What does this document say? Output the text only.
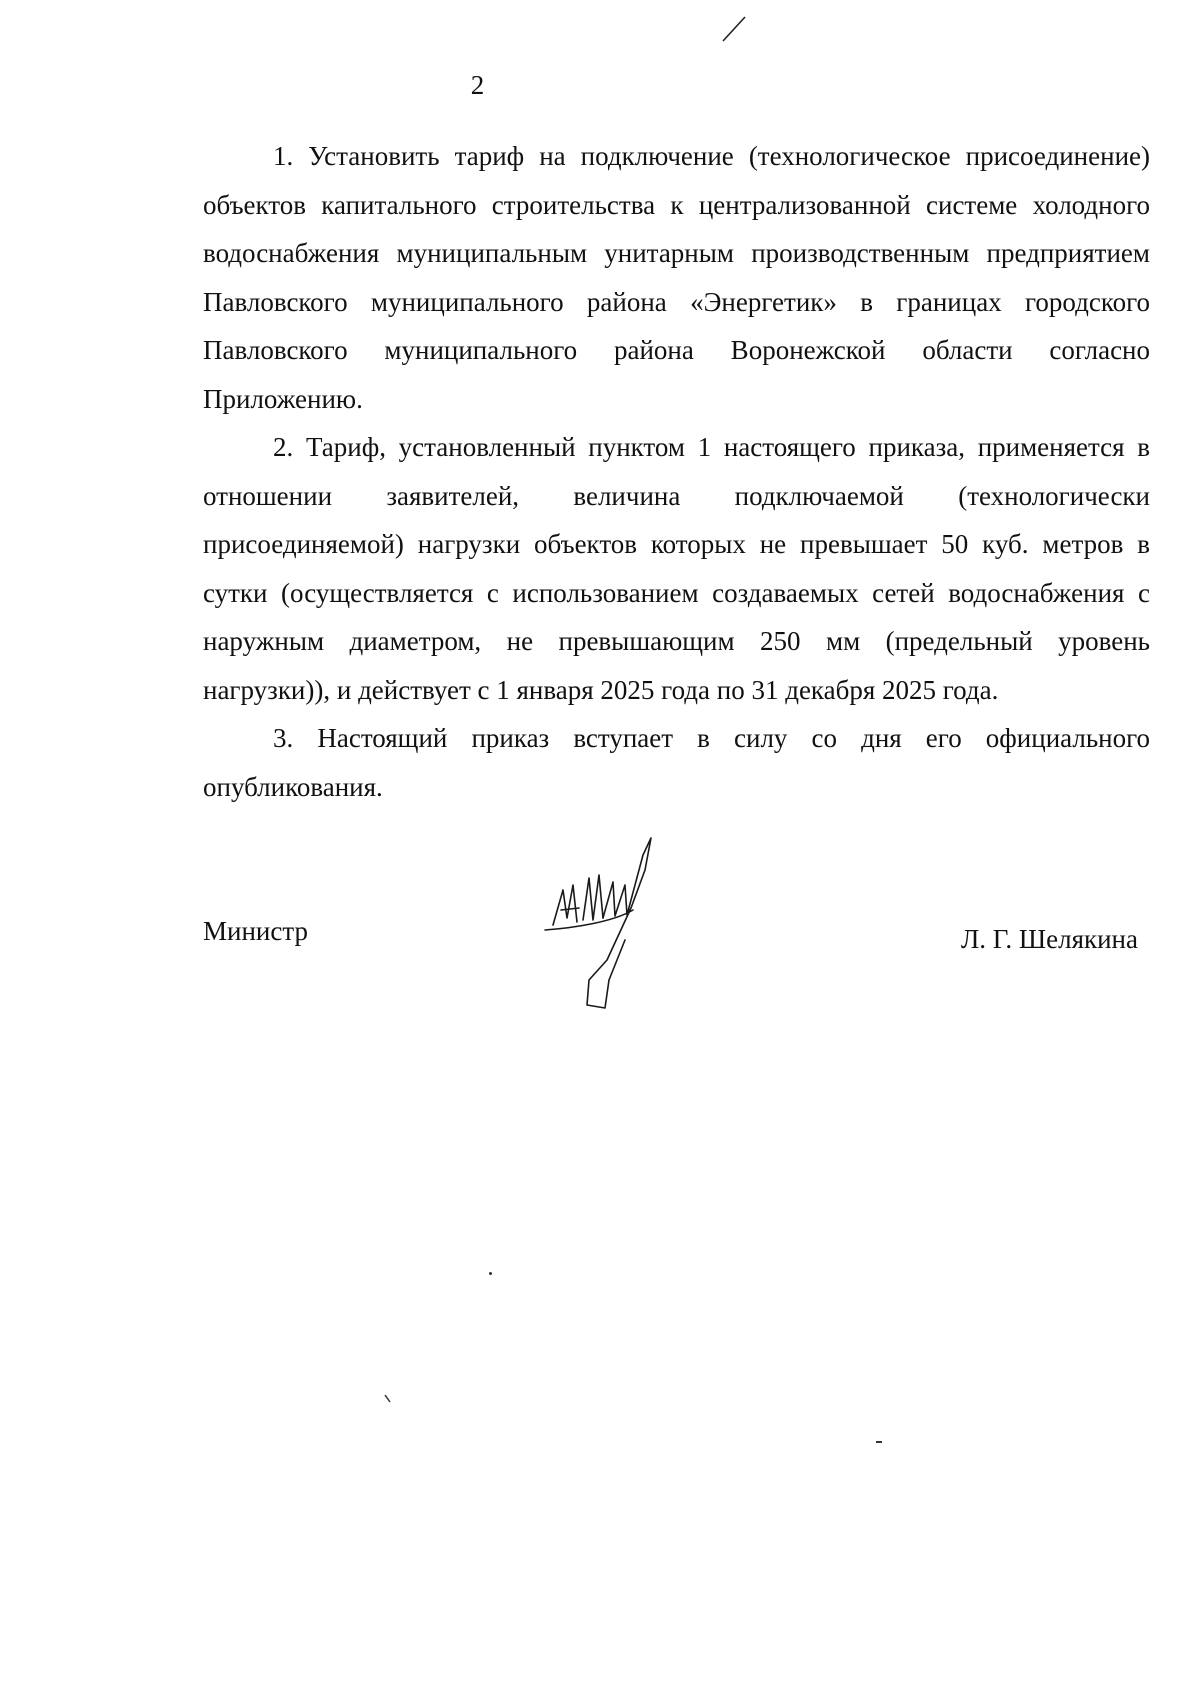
2

1. Установить тариф на подключение (технологическое присоединение) объектов капитального строительства к централизованной системе холодного водоснабжения муниципальным унитарным производственным предприятием Павловского муниципального района «Энергетик» в границах городского Павловского муниципального района Воронежской области согласно Приложению.

2. Тариф, установленный пунктом 1 настоящего приказа, применяется в отношении заявителей, величина подключаемой (технологически присоединяемой) нагрузки объектов которых не превышает 50 куб. метров в сутки (осуществляется с использованием создаваемых сетей водоснабжения с наружным диаметром, не превышающим 250 мм (предельный уровень нагрузки)), и действует с 1 января 2025 года по 31 декабря 2025 года.

3. Настоящий приказ вступает в силу со дня его официального опубликования.

Министр	Л. Г. Шелякина
